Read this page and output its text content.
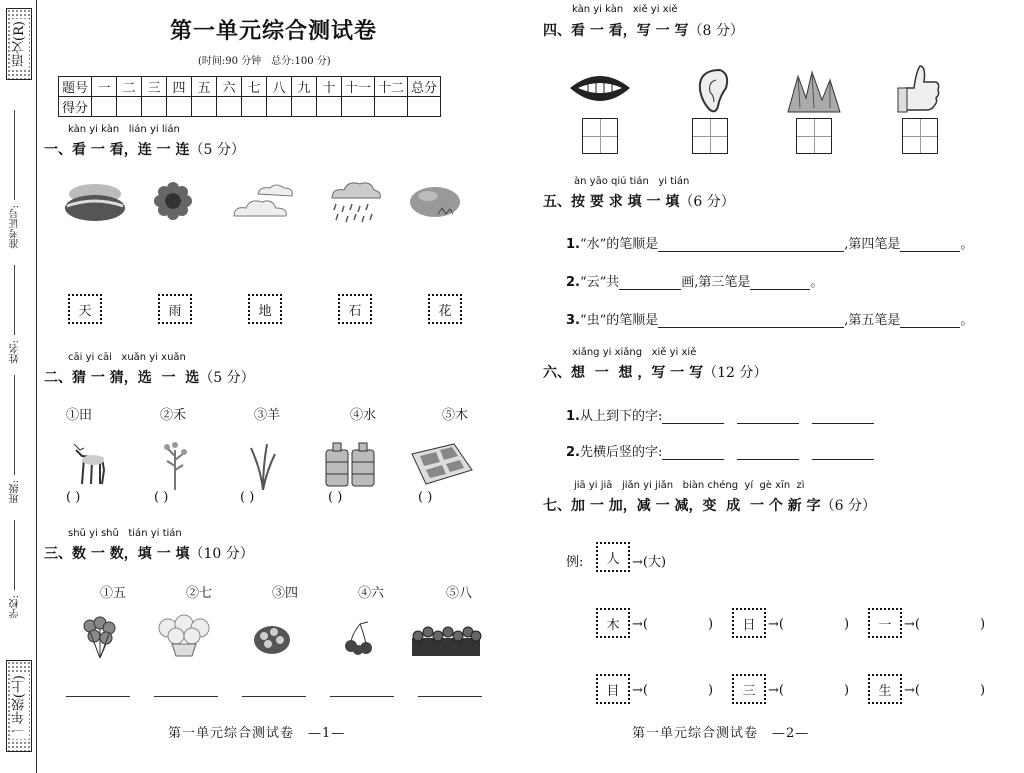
语文(R)
准考证号:
姓名:
班级:
学校:
一年级(上)
第一单元综合测试卷
(时间:90 分钟　总分:100 分)
题号	一	二	三	四	五	六	七	八	九	十	十一	十二	总分
得分													
kàn yi kàn   lián yi lián
一、看 一 看，连 一 连（5 分）
天	雨	地	石	花
cāi yi cāi   xuǎn yi xuǎn
二、猜 一 猜，选  一  选（5 分）
①田	②禾	③羊	④水	⑤木
( )	( )	( )	( )	( )
shǔ yi shǔ   tián yi tián
三、数 一 数，填 一 填（10 分）
①五	②七	③四	④六	⑤八
第一单元综合测试卷　—1—
kàn yi kàn   xiě yi xiě
四、看 一 看，写 一 写（8 分）
àn yāo qiú tián   yi tián
五、按 要 求 填 一 填（6 分）
1.“水”的笔顺是	,第四笔是	。
2.“云”共	画,第三笔是	。
3.“虫”的笔顺是	,第五笔是	。
xiǎng yi xiǎng   xiě yi xiě
六、想  一  想 ，写 一 写（12 分）
1.从上到下的字:　　
2.先横后竖的字:　　
jiā yi jiā   jiǎn yi jiǎn   biàn chéng  yí  gè xīn  zì
七、加 一 加，减 一 减，变  成  一 个 新 字（6 分）
例:	人 →(大)
木 →(	)	日 →(	)	一 →(	)
目 →(	)	三 →(	)	生 →(	)
第一单元综合测试卷　—2—
